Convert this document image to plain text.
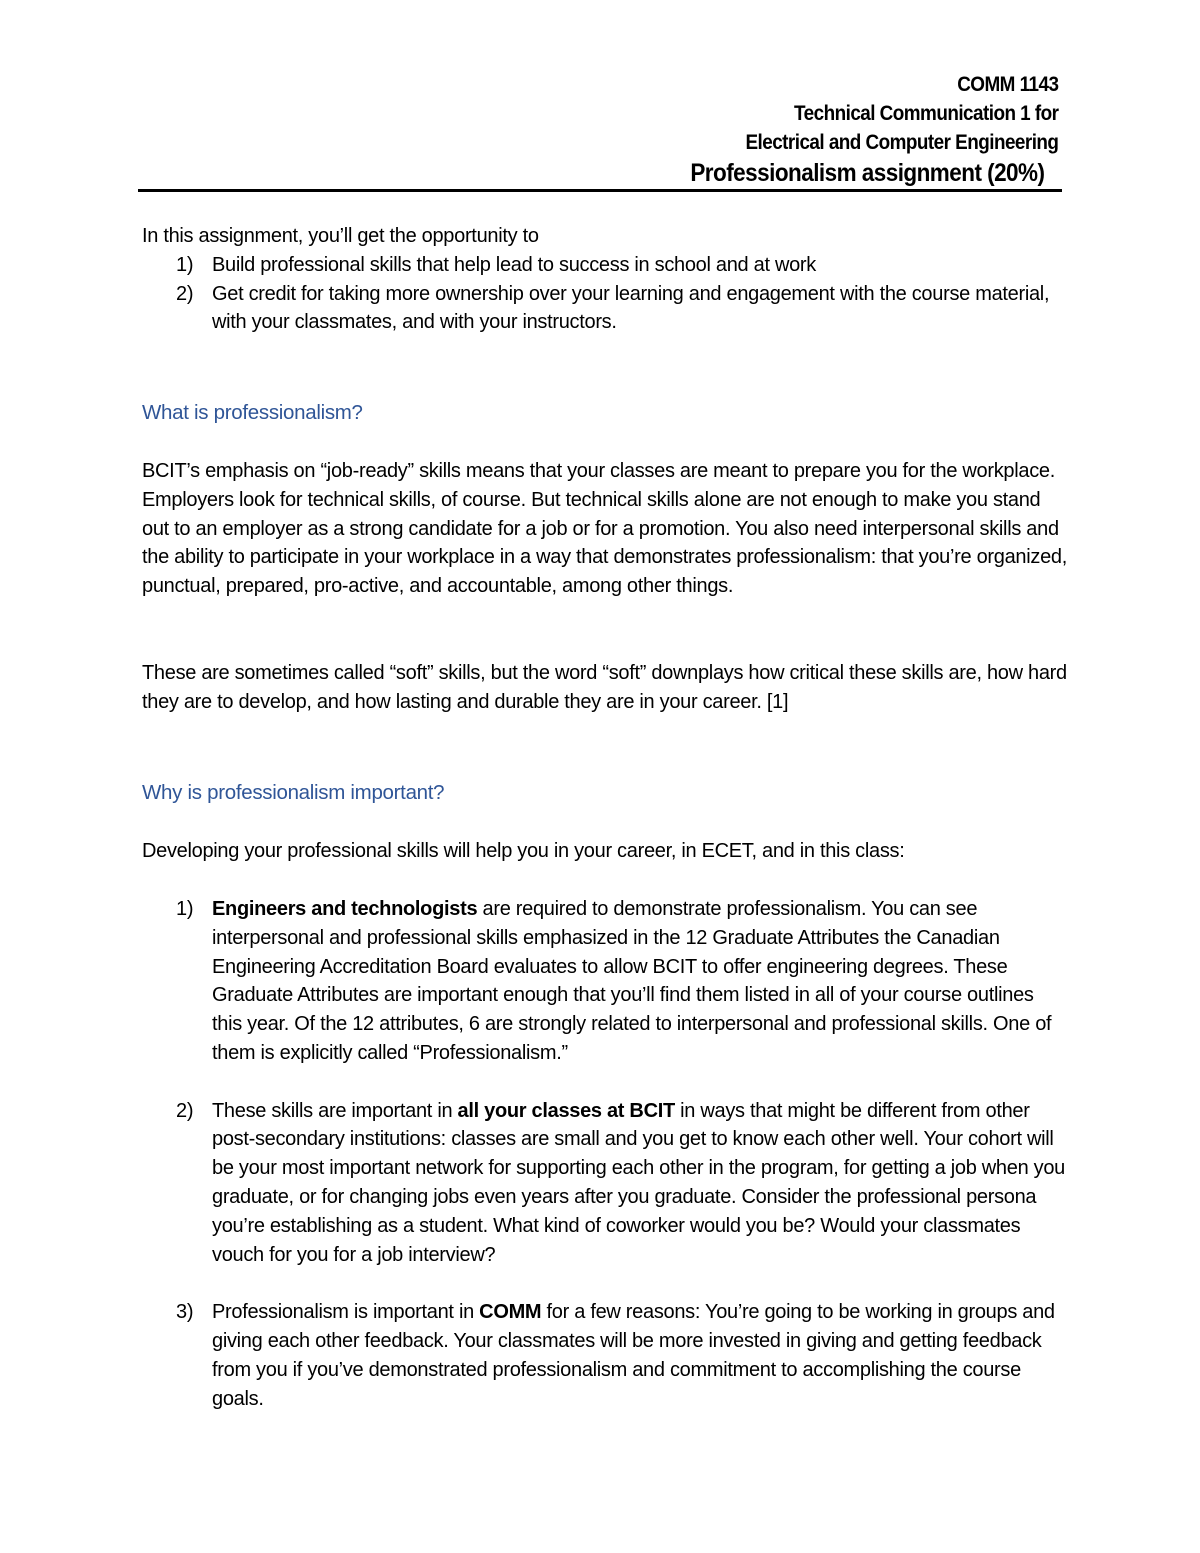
COMM 1143
Technical Communication 1 for
Electrical and Computer Engineering
Professionalism assignment (20%)

In this assignment, you’ll get the opportunity to

1) Build professional skills that help lead to success in school and at work
2) Get credit for taking more ownership over your learning and engagement with the course material, with your classmates, and with your instructors.
What is professionalism?
BCIT’s emphasis on “job-ready” skills means that your classes are meant to prepare you for the workplace. Employers look for technical skills, of course. But technical skills alone are not enough to make you stand out to an employer as a strong candidate for a job or for a promotion. You also need interpersonal skills and the ability to participate in your workplace in a way that demonstrates professionalism: that you’re organized, punctual, prepared, pro-active, and accountable, among other things.
These are sometimes called “soft” skills, but the word “soft” downplays how critical these skills are, how hard they are to develop, and how lasting and durable they are in your career. [1]
Why is professionalism important?
Developing your professional skills will help you in your career, in ECET, and in this class:
1) Engineers and technologists are required to demonstrate professionalism. You can see interpersonal and professional skills emphasized in the 12 Graduate Attributes the Canadian Engineering Accreditation Board evaluates to allow BCIT to offer engineering degrees. These Graduate Attributes are important enough that you’ll find them listed in all of your course outlines this year. Of the 12 attributes, 6 are strongly related to interpersonal and professional skills. One of them is explicitly called “Professionalism.”
2) These skills are important in all your classes at BCIT in ways that might be different from other post-secondary institutions: classes are small and you get to know each other well. Your cohort will be your most important network for supporting each other in the program, for getting a job when you graduate, or for changing jobs even years after you graduate. Consider the professional persona you’re establishing as a student. What kind of coworker would you be? Would your classmates vouch for you for a job interview?
3) Professionalism is important in COMM for a few reasons: You’re going to be working in groups and giving each other feedback. Your classmates will be more invested in giving and getting feedback from you if you’ve demonstrated professionalism and commitment to accomplishing the course goals.
